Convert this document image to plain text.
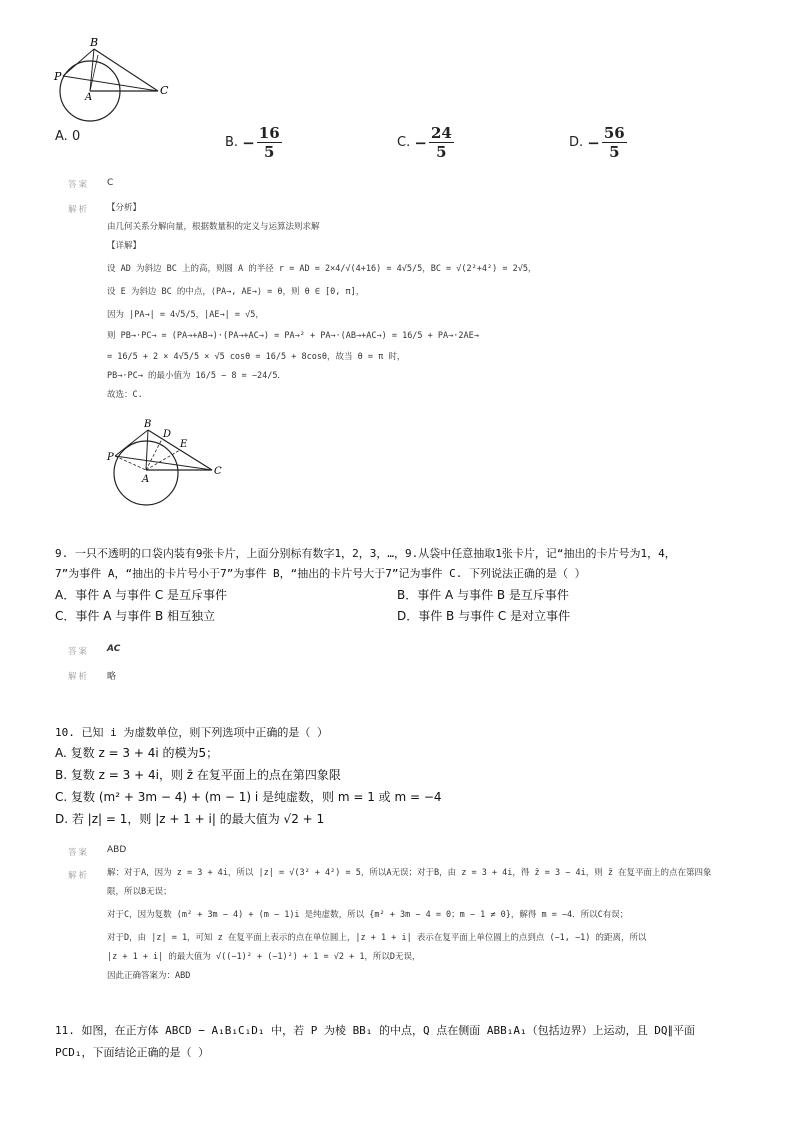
B
P
A
C
A. 0	B. − $\frac{16}{5}$	C. − $\frac{24}{5}$	D. − $\frac{56}{5}$
答案 C
解析 【分析】
由几何关系分解向量，根据数量积的定义与运算法则求解
【详解】
设 AD 为斜边 BC 上的高，则圆 A 的半径 r = AD = 2×4/√(4+16) = 4√5/5，BC = √(2²+4²) = 2√5，
设 E 为斜边 BC 的中点，⟨PA→, AE→⟩ = θ，则 θ ∈ [0, π]，
因为 |PA→| = 4√5/5，|AE→| = √5，
则 PB→·PC→ = (PA→+AB→)·(PA→+AC→) = PA→² + PA→·(AB→+AC→) = 16/5 + PA→·2AE→
= 16/5 + 2 × 4√5/5 × √5 cosθ = 16/5 + 8cosθ，故当 θ = π 时，
PB→·PC→ 的最小值为 16/5 − 8 = −24/5．
故选：C.
B
D
E
P
A
C
9. 一只不透明的口袋内装有9张卡片，上面分别标有数字1，2，3，…，9.从袋中任意抽取1张卡片，记“抽出的卡片号为1，4，
7”为事件 A，“抽出的卡片号小于7”为事件 B，“抽出的卡片号大于7”记为事件 C. 下列说法正确的是（ ）
A．事件 A 与事件 C 是互斥事件	B．事件 A 与事件 B 是互斥事件
C．事件 A 与事件 B 相互独立	D．事件 B 与事件 C 是对立事件
答案 AC
解析 略
10. 已知 i 为虚数单位，则下列选项中正确的是（ ）
A. 复数 z = 3 + 4i 的模为5；
B. 复数 z = 3 + 4i，则 z̄ 在复平面上的点在第四象限
C. 复数 (m² + 3m − 4) + (m − 1) i 是纯虚数，则 m = 1 或 m = −4
D. 若 |z| = 1，则 |z + 1 + i| 的最大值为 √2 + 1
答案 ABD
解析 解：对于A，因为 z = 3 + 4i，所以 |z| = √(3² + 4²) = 5，所以A无误；对于B，由 z = 3 + 4i，得 z̄ = 3 − 4i，则 z̄ 在复平面上的点在第四象
限，所以B无误；
对于C，因为复数 (m² + 3m − 4) + (m − 1)i 是纯虚数，所以 {m² + 3m − 4 = 0；m − 1 ≠ 0}，解得 m = −4．所以C有误；
对于D，由 |z| = 1，可知 z 在复平面上表示的点在单位圆上，|z + 1 + i| 表示在复平面上单位圆上的点到点 (−1, −1) 的距离，所以
|z + 1 + i| 的最大值为 √((−1)² + (−1)²) + 1 = √2 + 1，所以D无误，
因此正确答案为：ABD
11. 如图，在正方体 ABCD − A₁B₁C₁D₁ 中，若 P 为棱 BB₁ 的中点，Q 点在侧面 ABB₁A₁（包括边界）上运动，且 DQ∥平面
PCD₁，下面结论正确的是（ ）
